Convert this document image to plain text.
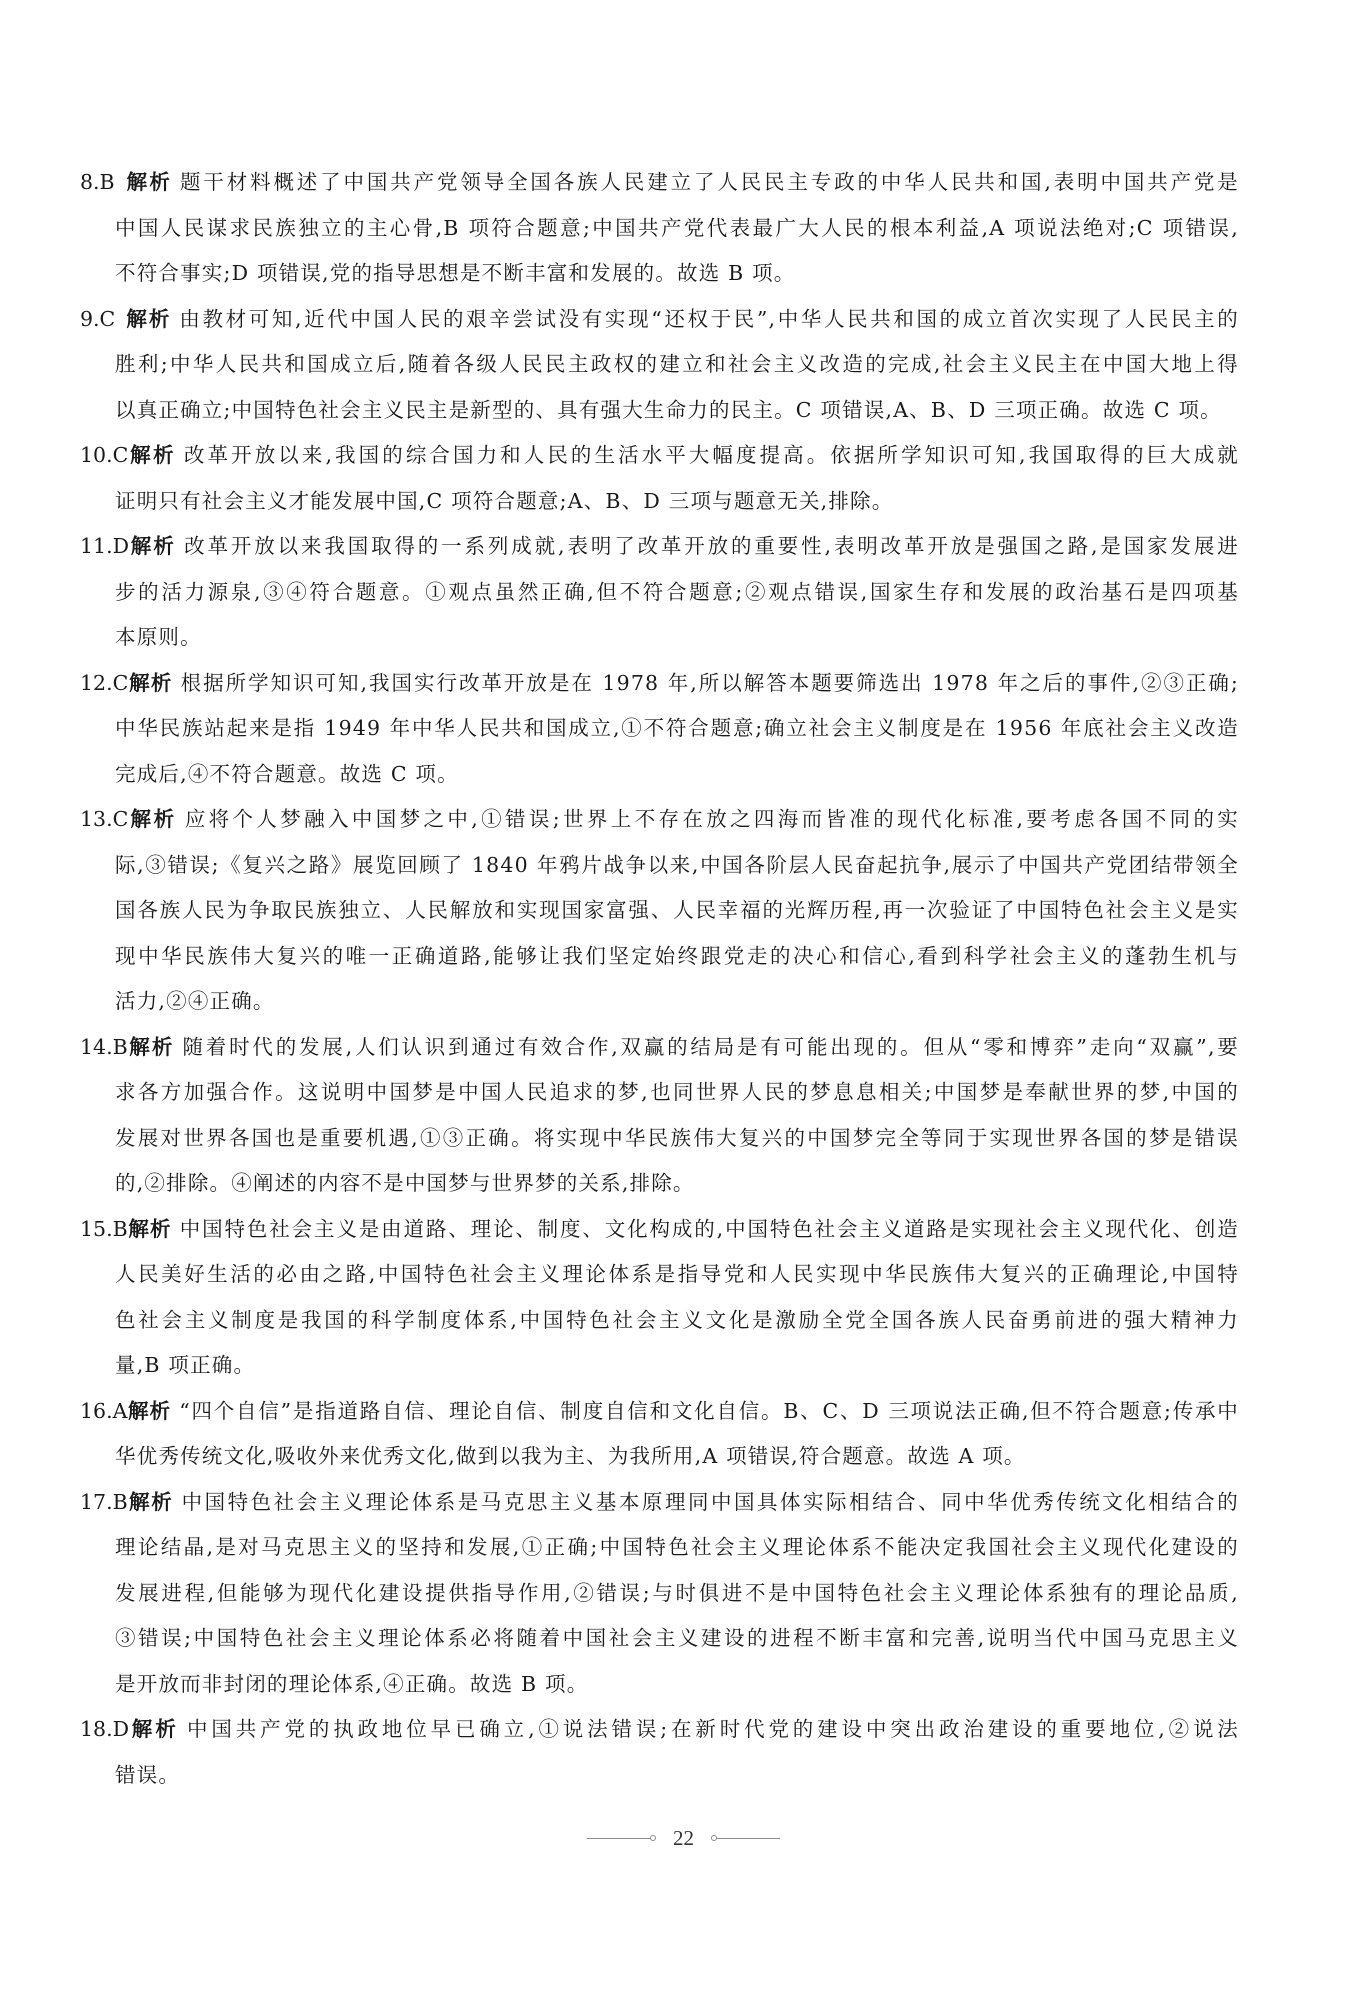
8.B 解析 题干材料概述了中国共产党领导全国各族人民建立了人民民主专政的中华人民共和国,表明中国共产党是
中国人民谋求民族独立的主心骨,B 项符合题意;中国共产党代表最广大人民的根本利益,A 项说法绝对;C 项错误,
不符合事实;D 项错误,党的指导思想是不断丰富和发展的。故选 B 项。
9.C 解析 由教材可知,近代中国人民的艰辛尝试没有实现“还权于民”,中华人民共和国的成立首次实现了人民民主的
胜利;中华人民共和国成立后,随着各级人民民主政权的建立和社会主义改造的完成,社会主义民主在中国大地上得
以真正确立;中国特色社会主义民主是新型的、具有强大生命力的民主。C 项错误,A、B、D 三项正确。故选 C 项。
10.C解析 改革开放以来,我国的综合国力和人民的生活水平大幅度提高。依据所学知识可知,我国取得的巨大成就
证明只有社会主义才能发展中国,C 项符合题意;A、B、D 三项与题意无关,排除。
11.D解析 改革开放以来我国取得的一系列成就,表明了改革开放的重要性,表明改革开放是强国之路,是国家发展进
步的活力源泉,③④符合题意。①观点虽然正确,但不符合题意;②观点错误,国家生存和发展的政治基石是四项基
本原则。
12.C解析 根据所学知识可知,我国实行改革开放是在 1978 年,所以解答本题要筛选出 1978 年之后的事件,②③正确;
中华民族站起来是指 1949 年中华人民共和国成立,①不符合题意;确立社会主义制度是在 1956 年底社会主义改造
完成后,④不符合题意。故选 C 项。
13.C解析 应将个人梦融入中国梦之中,①错误;世界上不存在放之四海而皆准的现代化标准,要考虑各国不同的实
际,③错误;《复兴之路》展览回顾了 1840 年鸦片战争以来,中国各阶层人民奋起抗争,展示了中国共产党团结带领全
国各族人民为争取民族独立、人民解放和实现国家富强、人民幸福的光辉历程,再一次验证了中国特色社会主义是实
现中华民族伟大复兴的唯一正确道路,能够让我们坚定始终跟党走的决心和信心,看到科学社会主义的蓬勃生机与
活力,②④正确。
14.B解析 随着时代的发展,人们认识到通过有效合作,双赢的结局是有可能出现的。但从“零和博弈”走向“双赢”,要
求各方加强合作。这说明中国梦是中国人民追求的梦,也同世界人民的梦息息相关;中国梦是奉献世界的梦,中国的
发展对世界各国也是重要机遇,①③正确。将实现中华民族伟大复兴的中国梦完全等同于实现世界各国的梦是错误
的,②排除。④阐述的内容不是中国梦与世界梦的关系,排除。
15.B解析 中国特色社会主义是由道路、理论、制度、文化构成的,中国特色社会主义道路是实现社会主义现代化、创造
人民美好生活的必由之路,中国特色社会主义理论体系是指导党和人民实现中华民族伟大复兴的正确理论,中国特
色社会主义制度是我国的科学制度体系,中国特色社会主义文化是激励全党全国各族人民奋勇前进的强大精神力
量,B 项正确。
16.A解析 “四个自信”是指道路自信、理论自信、制度自信和文化自信。B、C、D 三项说法正确,但不符合题意;传承中
华优秀传统文化,吸收外来优秀文化,做到以我为主、为我所用,A 项错误,符合题意。故选 A 项。
17.B解析 中国特色社会主义理论体系是马克思主义基本原理同中国具体实际相结合、同中华优秀传统文化相结合的
理论结晶,是对马克思主义的坚持和发展,①正确;中国特色社会主义理论体系不能决定我国社会主义现代化建设的
发展进程,但能够为现代化建设提供指导作用,②错误;与时俱进不是中国特色社会主义理论体系独有的理论品质,
③错误;中国特色社会主义理论体系必将随着中国社会主义建设的进程不断丰富和完善,说明当代中国马克思主义
是开放而非封闭的理论体系,④正确。故选 B 项。
18.D解析 中国共产党的执政地位早已确立,①说法错误;在新时代党的建设中突出政治建设的重要地位,②说法
错误。
22
